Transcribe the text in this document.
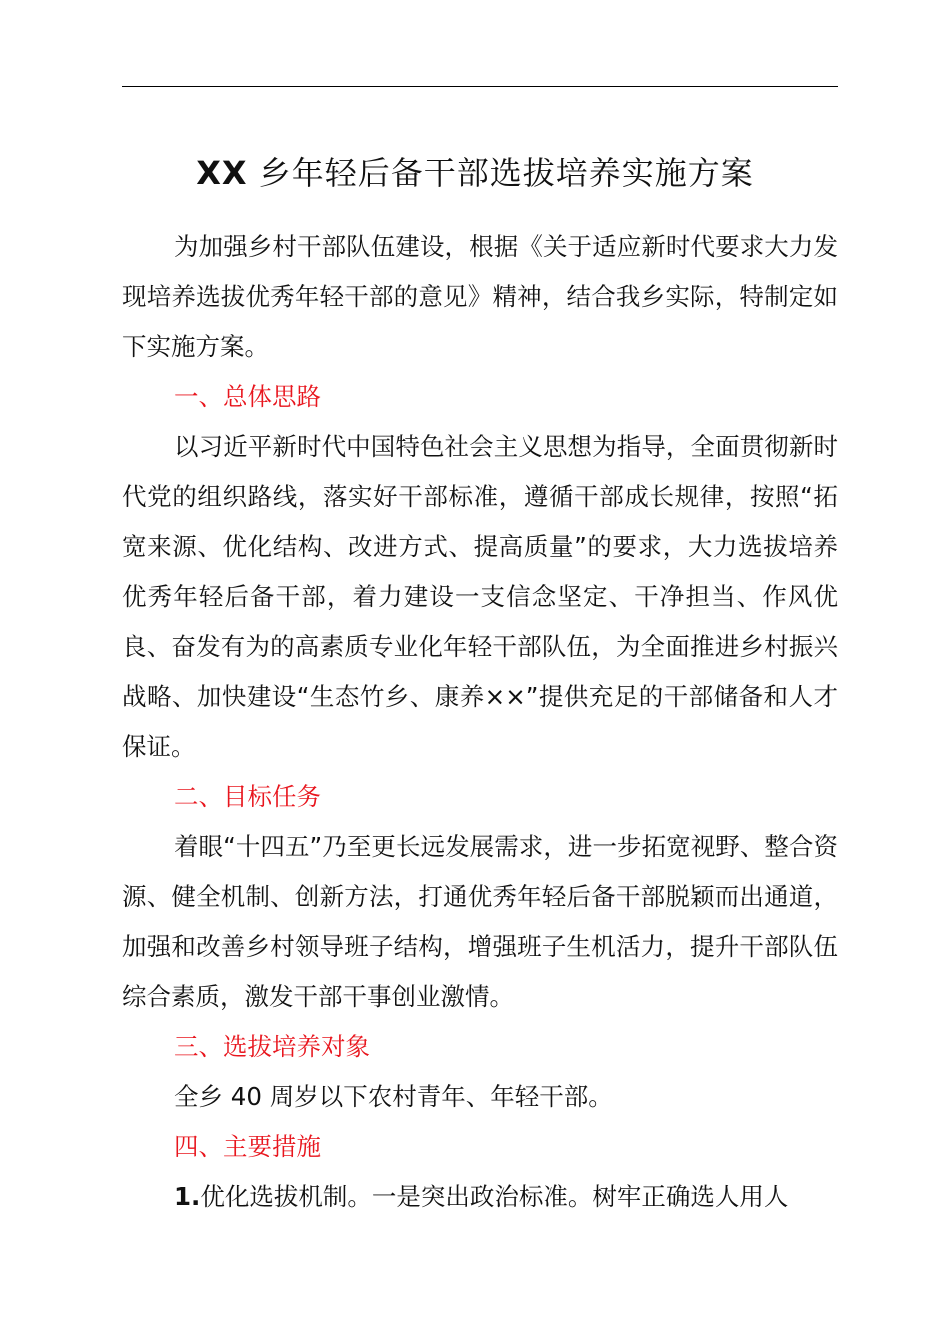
XX 乡年轻后备干部选拔培养实施方案

为加强乡村干部队伍建设，根据《关于适应新时代要求大力发现培养选拔优秀年轻干部的意见》精神，结合我乡实际，特制定如下实施方案。

一、总体思路

以习近平新时代中国特色社会主义思想为指导，全面贯彻新时代党的组织路线，落实好干部标准，遵循干部成长规律，按照“拓宽来源、优化结构、改进方式、提高质量”的要求，大力选拔培养优秀年轻后备干部，着力建设一支信念坚定、干净担当、作风优良、奋发有为的高素质专业化年轻干部队伍，为全面推进乡村振兴战略、加快建设“生态竹乡、康养××”提供充足的干部储备和人才保证。

二、目标任务

着眼“十四五”乃至更长远发展需求，进一步拓宽视野、整合资源、健全机制、创新方法，打通优秀年轻后备干部脱颖而出通道，加强和改善乡村领导班子结构，增强班子生机活力，提升干部队伍综合素质，激发干部干事创业激情。

三、选拔培养对象

全乡 40 周岁以下农村青年、年轻干部。

四、主要措施

1.优化选拔机制。一是突出政治标准。树牢正确选人用人
